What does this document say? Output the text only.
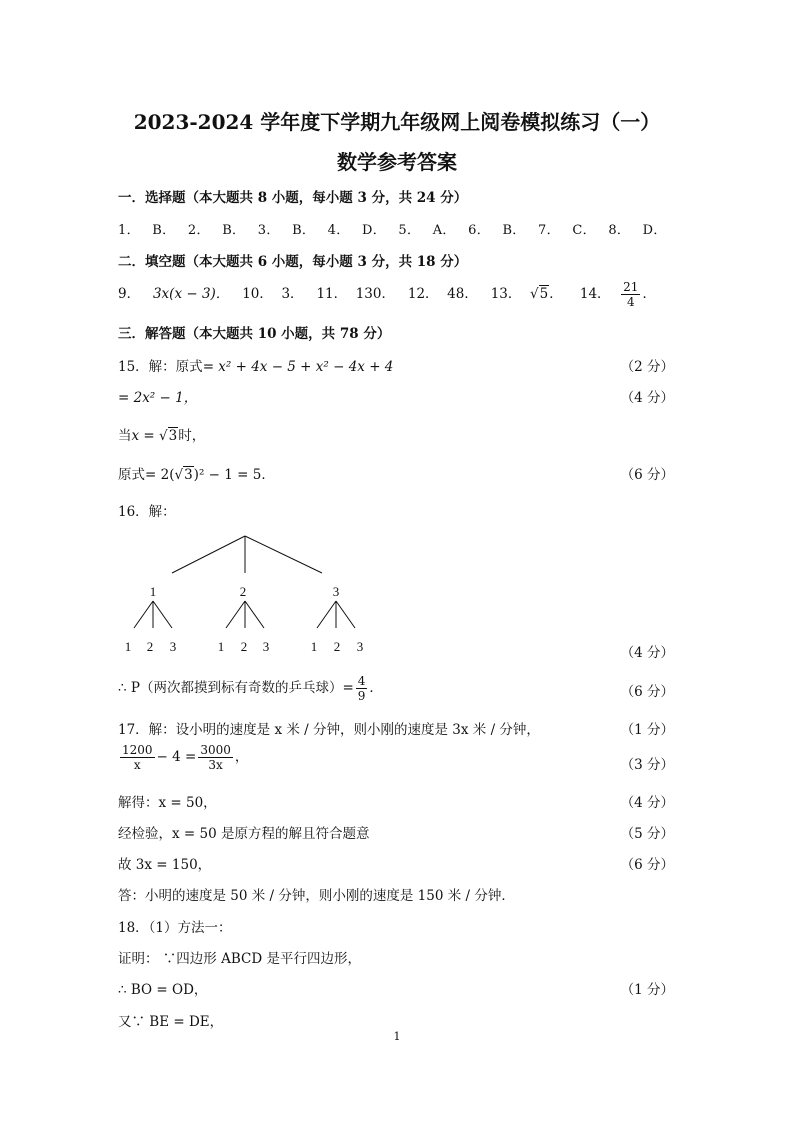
2023-2024 学年度下学期九年级网上阅卷模拟练习（一）
数学参考答案
一．选择题（本大题共 8 小题，每小题 3 分，共 24 分）
1． B． 2． B． 3． B． 4． D． 5． A． 6． B． 7． C． 8． D．
二．填空题（本大题共 6 小题，每小题 3 分，共 18 分）
9． 3x(x − 3)． 10． 3． 11． 130． 12． 48． 13． √5． 14． $\frac{21}{4}$ ．
三．解答题（本大题共 10 小题，共 78 分）
15．解：原式= x² + 4x − 5 + x² − 4x + 4	（2 分）
= 2x² − 1，	（4 分）
当x = √3时，
原式= 2(√3)² − 1 = 5．	（6 分）
16．解：
1	2	3
1 2 3	1 2 3	1 2 3	（4 分）
∴ P（两次都摸到标有奇数的乒乓球）= $\frac{4}{9}$ ．	（6 分）
17．解：设小明的速度是 x 米 / 分钟，则小刚的速度是 3x 米 / 分钟，	（1 分）
$\frac{1200}{x} - 4 = \frac{3000}{3x}$ ，	（3 分）
解得：x = 50，	（4 分）
经检验，x = 50 是原方程的解且符合题意	（5 分）
故 3x = 150，	（6 分）
答：小明的速度是 50 米 / 分钟，则小刚的速度是 150 米 / 分钟．
18．（1）方法一：
证明： ∵四边形 ABCD 是平行四边形，
∴ BO = OD，	（1 分）
又∵ BE = DE，
1
